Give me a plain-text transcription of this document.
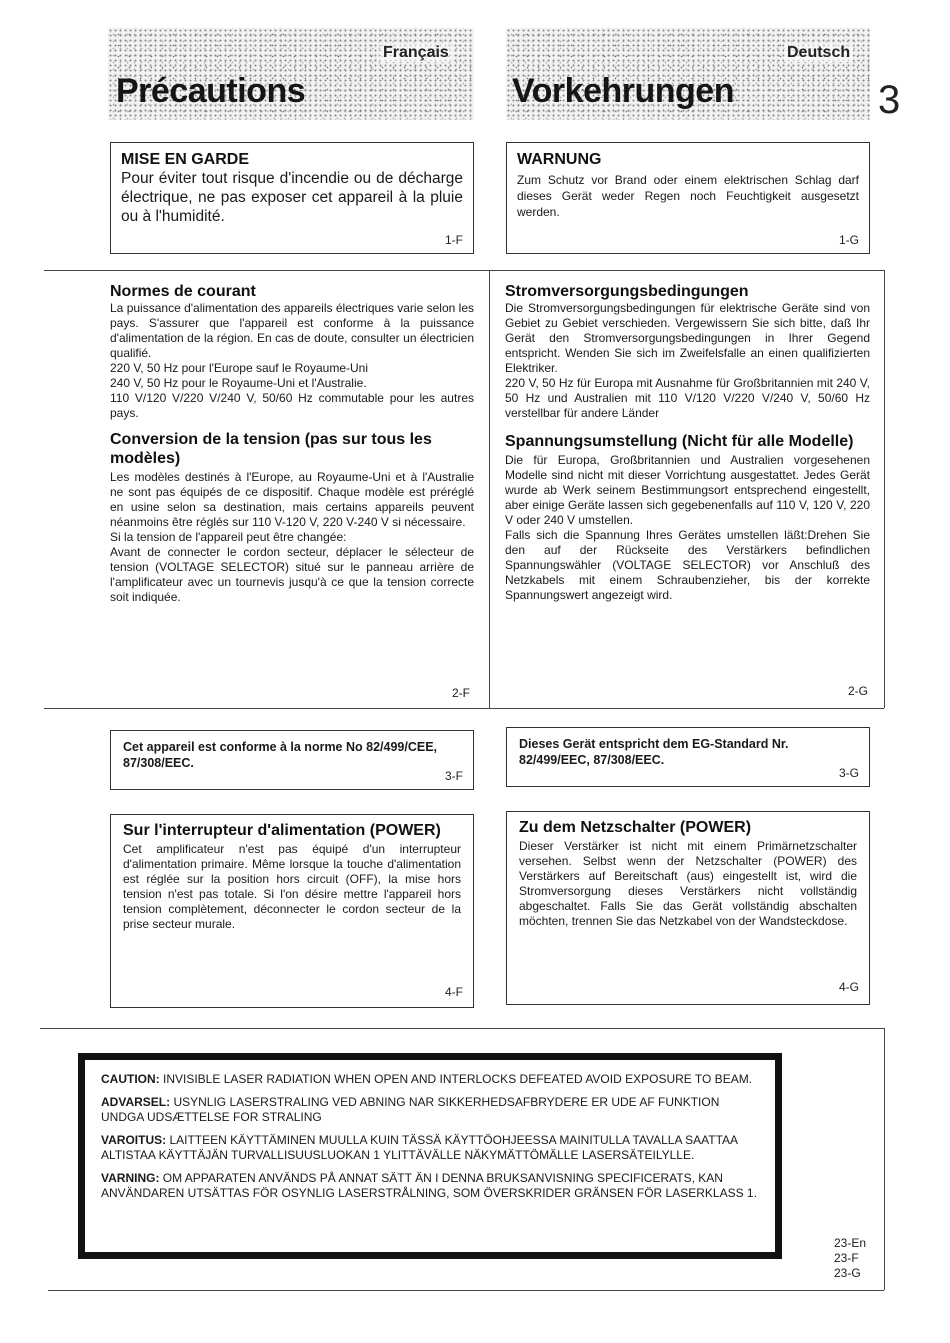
Français
Précautions
Deutsch
Vorkehrungen	3
MISE EN GARDE

Pour éviter tout risque d'incendie ou de décharge électrique, ne pas exposer cet appareil à la pluie ou à l'humidité.

1-F
WARNUNG

Zum Schutz vor Brand oder einem elektrischen Schlag darf dieses Gerät weder Regen noch Feuchtigkeit ausgesetzt werden.

1-G
Normes de courant

La puissance d'alimentation des appareils électriques varie selon les pays. S'assurer que l'appareil est conforme à la puissance d'alimentation de la région. En cas de doute, consulter un électricien qualifié.

220 V, 50 Hz pour l'Europe sauf le Royaume-Uni
240 V, 50 Hz pour le Royaume-Uni et l'Australie.

110 V/120 V/220 V/240 V, 50/60 Hz commutable pour les autres pays.

Conversion de la tension (pas sur tous les modèles)

Les modèles destinés à l'Europe, au Royaume-Uni et à l'Australie ne sont pas équipés de ce dispositif. Chaque modèle est préréglé en usine selon sa destination, mais certains appareils peuvent néanmoins être réglés sur 110 V-120 V, 220 V-240 V si nécessaire.

Si la tension de l'appareil peut être changée:

Avant de connecter le cordon secteur, déplacer le sélecteur de tension (VOLTAGE SELECTOR) situé sur le panneau arrière de l'amplificateur avec un tournevis jusqu'à ce que la tension correcte soit indiquée.

2-F
Stromversorgungsbedingungen

Die Stromversorgungsbedingungen für elektrische Geräte sind von Gebiet zu Gebiet verschieden. Vergewissern Sie sich bitte, daß Ihr Gerät den Stromversorgungsbedingungen in Ihrer Gegend entspricht. Wenden Sie sich im Zweifelsfalle an einen qualifizierten Elektriker.

220 V, 50 Hz für Europa mit Ausnahme für Großbritannien mit 240 V, 50 Hz und Australien mit 110 V/120 V/220 V/240 V, 50/60 Hz verstellbar für andere Länder

Spannungsumstellung (Nicht für alle Modelle)

Die für Europa, Großbritannien und Australien vorgesehenen Modelle sind nicht mit dieser Vorrichtung ausgestattet. Jedes Gerät wurde ab Werk seinem Bestimmungsort entsprechend eingestellt, aber einige Geräte lassen sich gegebenenfalls auf 110 V, 120 V, 220 V oder 240 V umstellen.

Falls sich die Spannung Ihres Gerätes umstellen läßt:Drehen Sie den auf der Rückseite des Verstärkers befindlichen Spannungswähler (VOLTAGE SELECTOR) vor Anschluß des Netzkabels mit einem Schraubenzieher, bis der korrekte Spannungswert angezeigt wird.

2-G

Cet appareil est conforme à la norme No 82/499/CEE, 87/308/EEC.

3-F

Dieses Gerät entspricht dem EG-Standard Nr. 82/499/EEC, 87/308/EEC.

3-G
Sur l'interrupteur d'alimentation (POWER)

Cet amplificateur n'est pas équipé d'un interrupteur d'alimentation primaire. Même lorsque la touche d'alimentation est réglée sur la position hors circuit (OFF), la mise hors tension n'est pas totale. Si l'on désire mettre l'appareil hors tension complètement, déconnecter le cordon secteur de la prise secteur murale.

4-F
Zu dem Netzschalter (POWER)

Dieser Verstärker ist nicht mit einem Primärnetzschalter versehen. Selbst wenn der Netzschalter (POWER) des Verstärkers auf Bereitschaft (aus) eingestellt ist, wird die Stromversorgung dieses Verstärkers nicht vollständig abgeschaltet. Falls Sie das Gerät vollständig abschalten möchten, trennen Sie das Netzkabel von der Wandsteckdose.

4-G

CAUTION: INVISIBLE LASER RADIATION WHEN OPEN AND INTERLOCKS DEFEATED AVOID EXPOSURE TO BEAM.

ADVARSEL: USYNLIG LASERSTRALING VED ABNING NAR SIKKERHEDSAFBRYDERE ER UDE AF FUNKTION UNDGA UDSÆTTELSE FOR STRALING

VAROITUS: LAITTEEN KÄYTTÄMINEN MUULLA KUIN TÄSSÄ KÄYTTÖOHJEESSA MAINITULLA TAVALLA SAATTAA ALTISTAA KÄYTTÄJÄN TURVALLISUUSLUOKAN 1 YLITTÄVÄLLE NÄKYMÄTTÖMÄLLE LASERSÄTEILYLLE.

VARNING: OM APPARATEN ANVÄNDS PÅ ANNAT SÄTT ÄN I DENNA BRUKSANVISNING SPECIFICERATS, KAN ANVÄNDAREN UTSÄTTAS FÖR OSYNLIG LASERSTRÅLNING, SOM ÖVERSKRIDER GRÄNSEN FÖR LASERKLASS 1.

23-En
23-F
23-G
